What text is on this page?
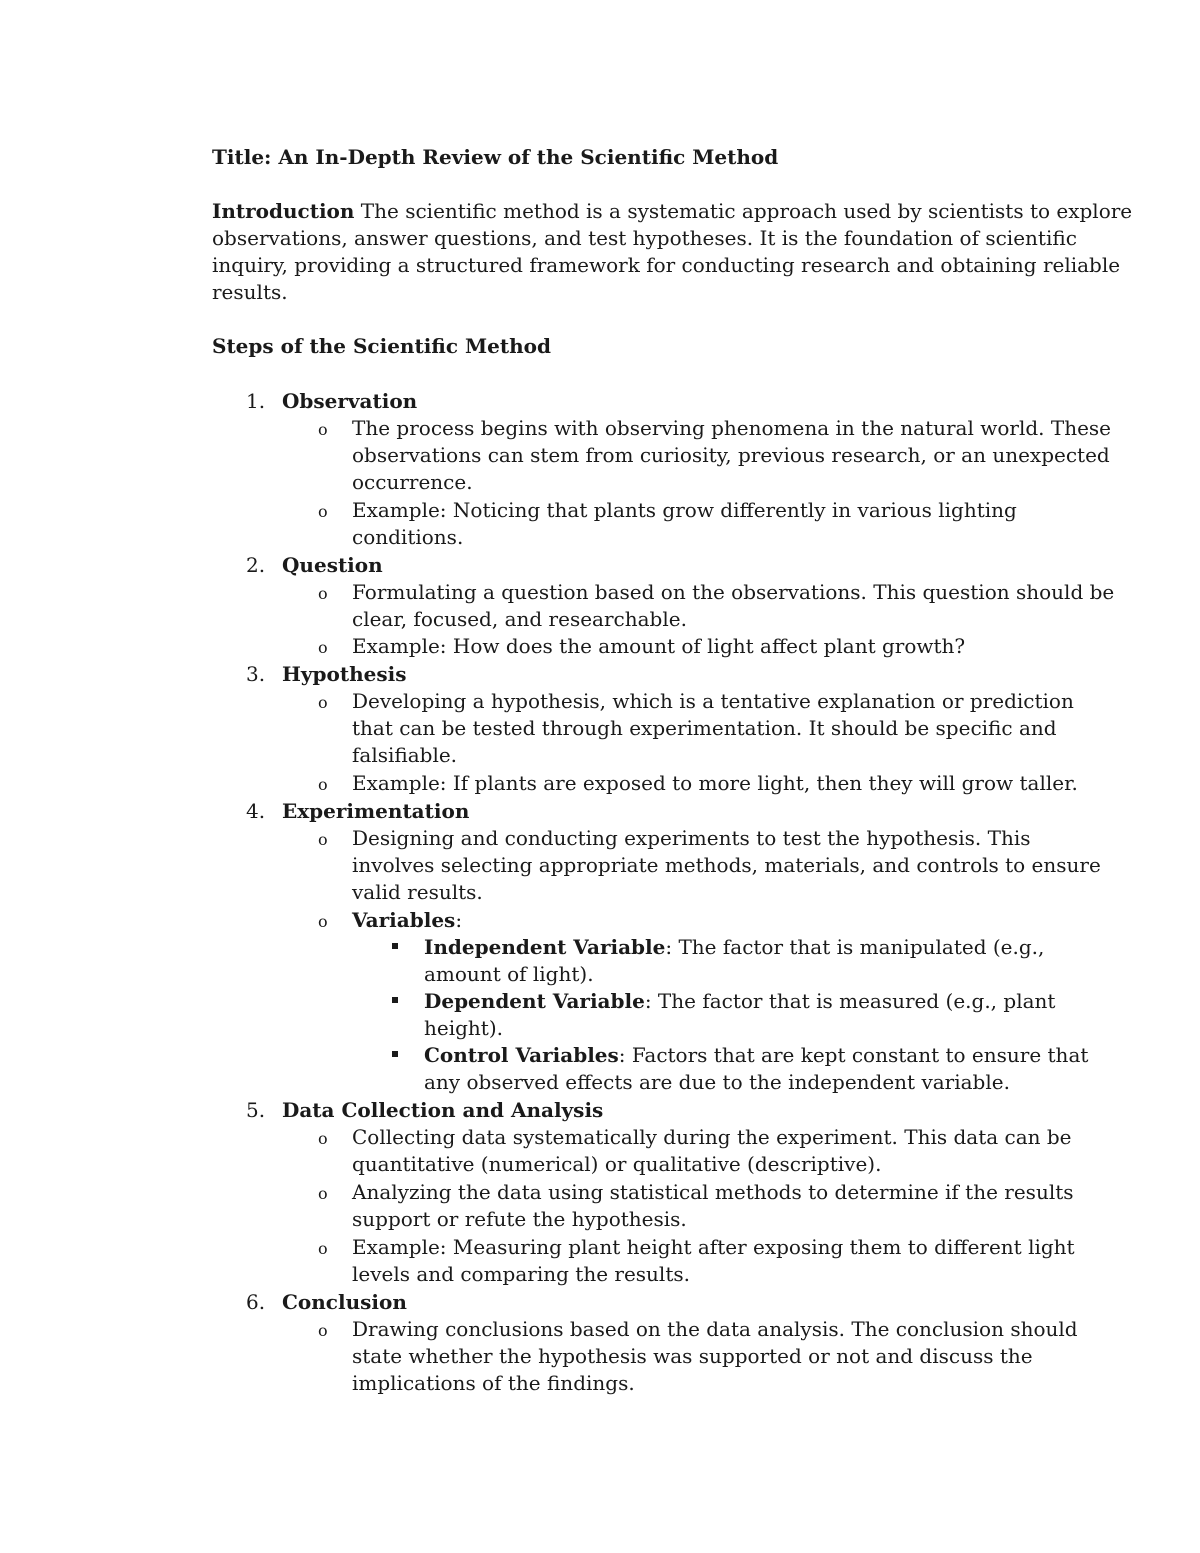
Title: An In-Depth Review of the Scientific Method
Introduction The scientific method is a systematic approach used by scientists to explore
observations, answer questions, and test hypotheses. It is the foundation of scientific
inquiry, providing a structured framework for conducting research and obtaining reliable
results.
Steps of the Scientific Method
1. Observation
o The process begins with observing phenomena in the natural world. These
observations can stem from curiosity, previous research, or an unexpected
occurrence.
o Example: Noticing that plants grow differently in various lighting
conditions.
2. Question
o Formulating a question based on the observations. This question should be
clear, focused, and researchable.
o Example: How does the amount of light affect plant growth?
3. Hypothesis
o Developing a hypothesis, which is a tentative explanation or prediction
that can be tested through experimentation. It should be specific and
falsifiable.
o Example: If plants are exposed to more light, then they will grow taller.
4. Experimentation
o Designing and conducting experiments to test the hypothesis. This
involves selecting appropriate methods, materials, and controls to ensure
valid results.
o Variables:
Independent Variable: The factor that is manipulated (e.g.,
amount of light).
Dependent Variable: The factor that is measured (e.g., plant
height).
Control Variables: Factors that are kept constant to ensure that
any observed effects are due to the independent variable.
5. Data Collection and Analysis
o Collecting data systematically during the experiment. This data can be
quantitative (numerical) or qualitative (descriptive).
o Analyzing the data using statistical methods to determine if the results
support or refute the hypothesis.
o Example: Measuring plant height after exposing them to different light
levels and comparing the results.
6. Conclusion
o Drawing conclusions based on the data analysis. The conclusion should
state whether the hypothesis was supported or not and discuss the
implications of the findings.
